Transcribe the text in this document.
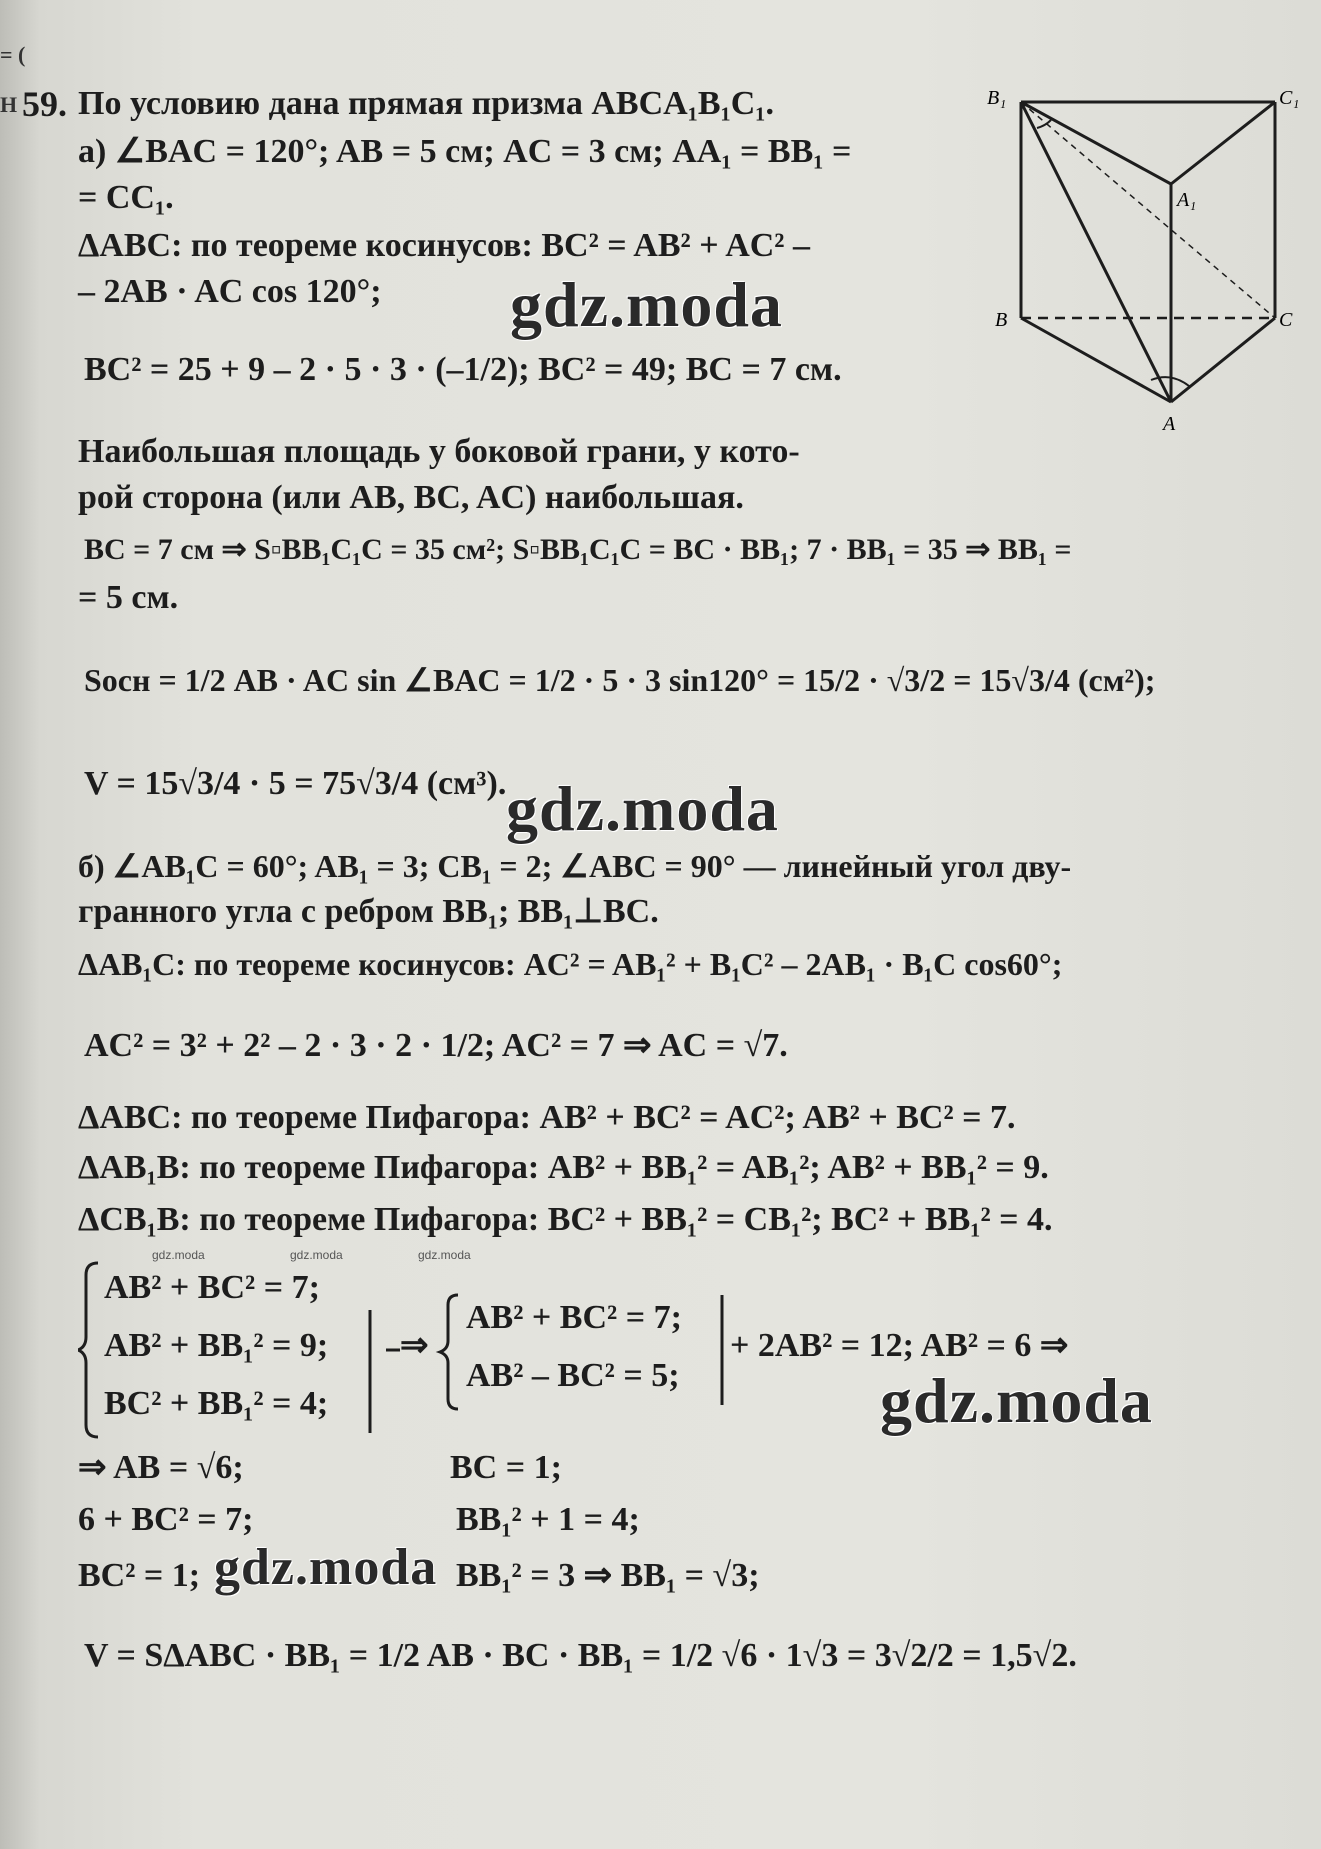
= (
Н 59. По условию дана прямая призма ABCA₁B₁C₁.
а) ∠BAC = 120°; AB = 5 см; AC = 3 см; AA₁ = BB₁ =
= CC₁.
ΔABC: по теореме косинусов: BC² = AB² + AC² –
– 2AB · AC cos 120°;
BC² = 25 + 9 – 2 · 5 · 3 · (–1/2); BC² = 49; BC = 7 см.
Наибольшая площадь у боковой грани, у кото-
рой сторона (или AB, BC, AC) наибольшая.
BC = 7 см ⇒ S▫BB₁C₁C = 35 см²; S▫BB₁C₁C = BC · BB₁; 7 · BB₁ = 35 ⇒ BB₁ =
= 5 см.
Sосн = 1/2 AB · AC sin ∠BAC = 1/2 · 5 · 3 sin120° = 15/2 · √3/2 = 15√3/4 (см²);
V = 15√3/4 · 5 = 75√3/4 (см³).
б) ∠AB₁C = 60°; AB₁ = 3; CB₁ = 2; ∠ABC = 90° — линейный угол дву-
гранного угла с ребром BB₁; BB₁⊥BC.
ΔAB₁C: по теореме косинусов: AC² = AB₁² + B₁C² – 2AB₁ · B₁C cos60°;
AC² = 3² + 2² – 2 · 3 · 2 · 1/2; AC² = 7 ⇒ AC = √7.
ΔABC: по теореме Пифагора: AB² + BC² = AC²; AB² + BC² = 7.
ΔAB₁B: по теореме Пифагора: AB² + BB₁² = AB₁²; AB² + BB₁² = 9.
ΔCB₁B: по теореме Пифагора: BC² + BB₁² = CB₁²; BC² + BB₁² = 4.
AB² + BC² = 7;
AB² + BB₁² = 9;
BC² + BB₁² = 4;
⇒
AB² + BC² = 7;
AB² – BC² = 5;
+ 2AB² = 12; AB² = 6 ⇒
⇒ AB = √6;	BC = 1;
6 + BC² = 7;	BB₁² + 1 = 4;
BC² = 1;	BB₁² = 3 ⇒ BB₁ = √3;
V = SΔABC · BB₁ = 1/2 AB · BC · BB₁ = 1/2 √6 · 1√3 = 3√2/2 = 1,5√2.
B₁	C₁
A₁
B	C
A
gdz.moda
gdz.moda
gdz.moda
gdz.moda
gdz.moda	gdz.moda	gdz.moda
